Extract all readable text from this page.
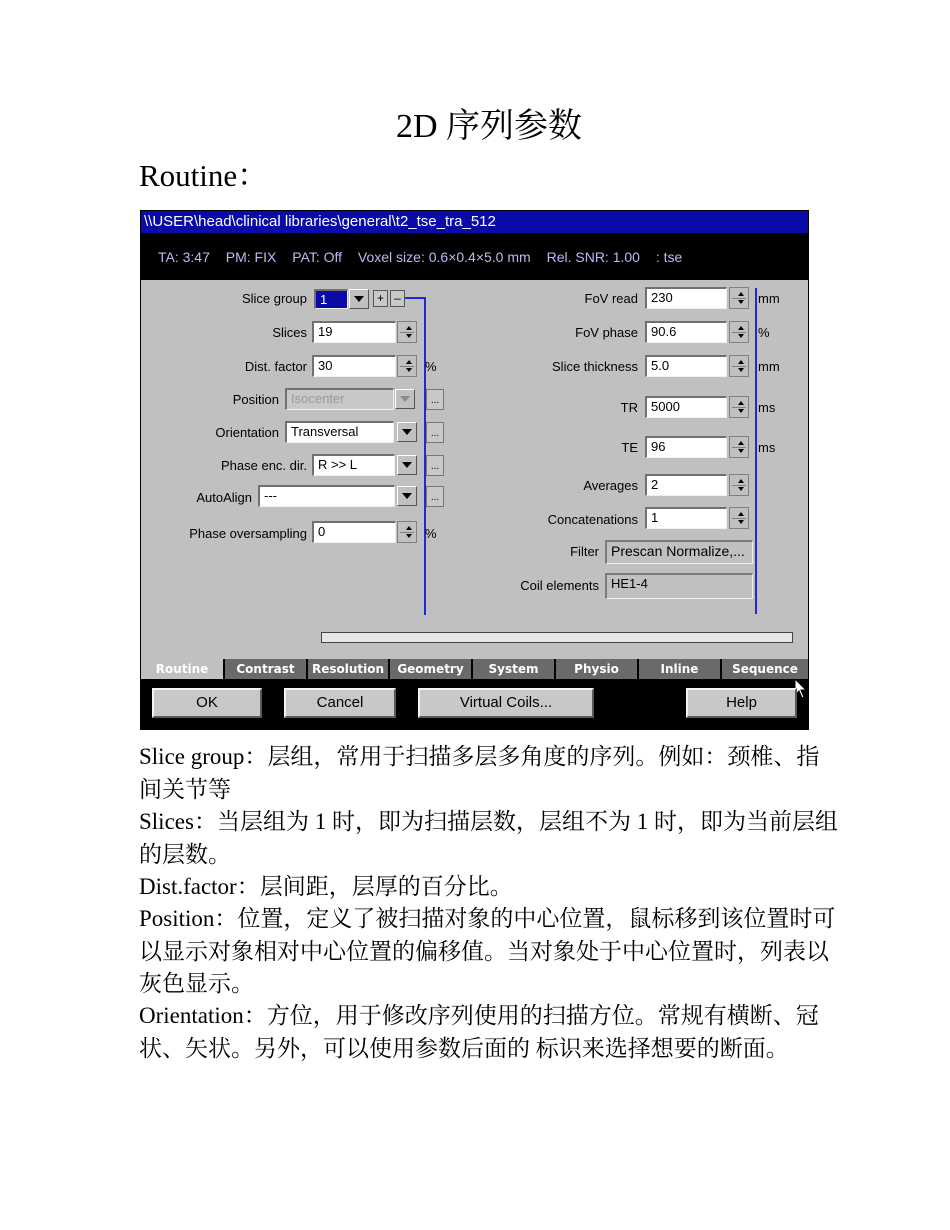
2D 序列参数
Routine：
\\USER\head\clinical libraries\general\t2_tse_tra_512
TA: 3:47 PM: FIX PAT: Off Voxel size: 0.6×0.4×5.0 mm Rel. SNR: 1.00 : tse
Slice group	1	+ –
Slices 19
Dist. factor 30	%
Position Isocenter	...
Orientation Transversal	...
Phase enc. dir. R >> L	...
AutoAlign ---	...
Phase oversampling 0	%
FoV read	230	mm
FoV phase	90.6	%
Slice thickness	5.0	mm
TR	5000	ms
TE	96	ms
Averages	2
Concatenations	1
Filter Prescan Normalize,...
Coil elements HE1-4
Routine	Contrast	Resolution	Geometry	System	Physio	Inline	Sequence
OK	Cancel	Virtual Coils...	Help
Slice group：层组，常用于扫描多层多角度的序列。例如：颈椎、指间关节等
Slices：当层组为 1 时，即为扫描层数，层组不为 1 时，即为当前层组的层数。
Dist.factor：层间距，层厚的百分比。
Position：位置，定义了被扫描对象的中心位置，鼠标移到该位置时可以显示对象相对中心位置的偏移值。当对象处于中心位置时，列表以灰色显示。
Orientation：方位，用于修改序列使用的扫描方位。常规有横断、冠状、矢状。另外，可以使用参数后面的 标识来选择想要的断面。
